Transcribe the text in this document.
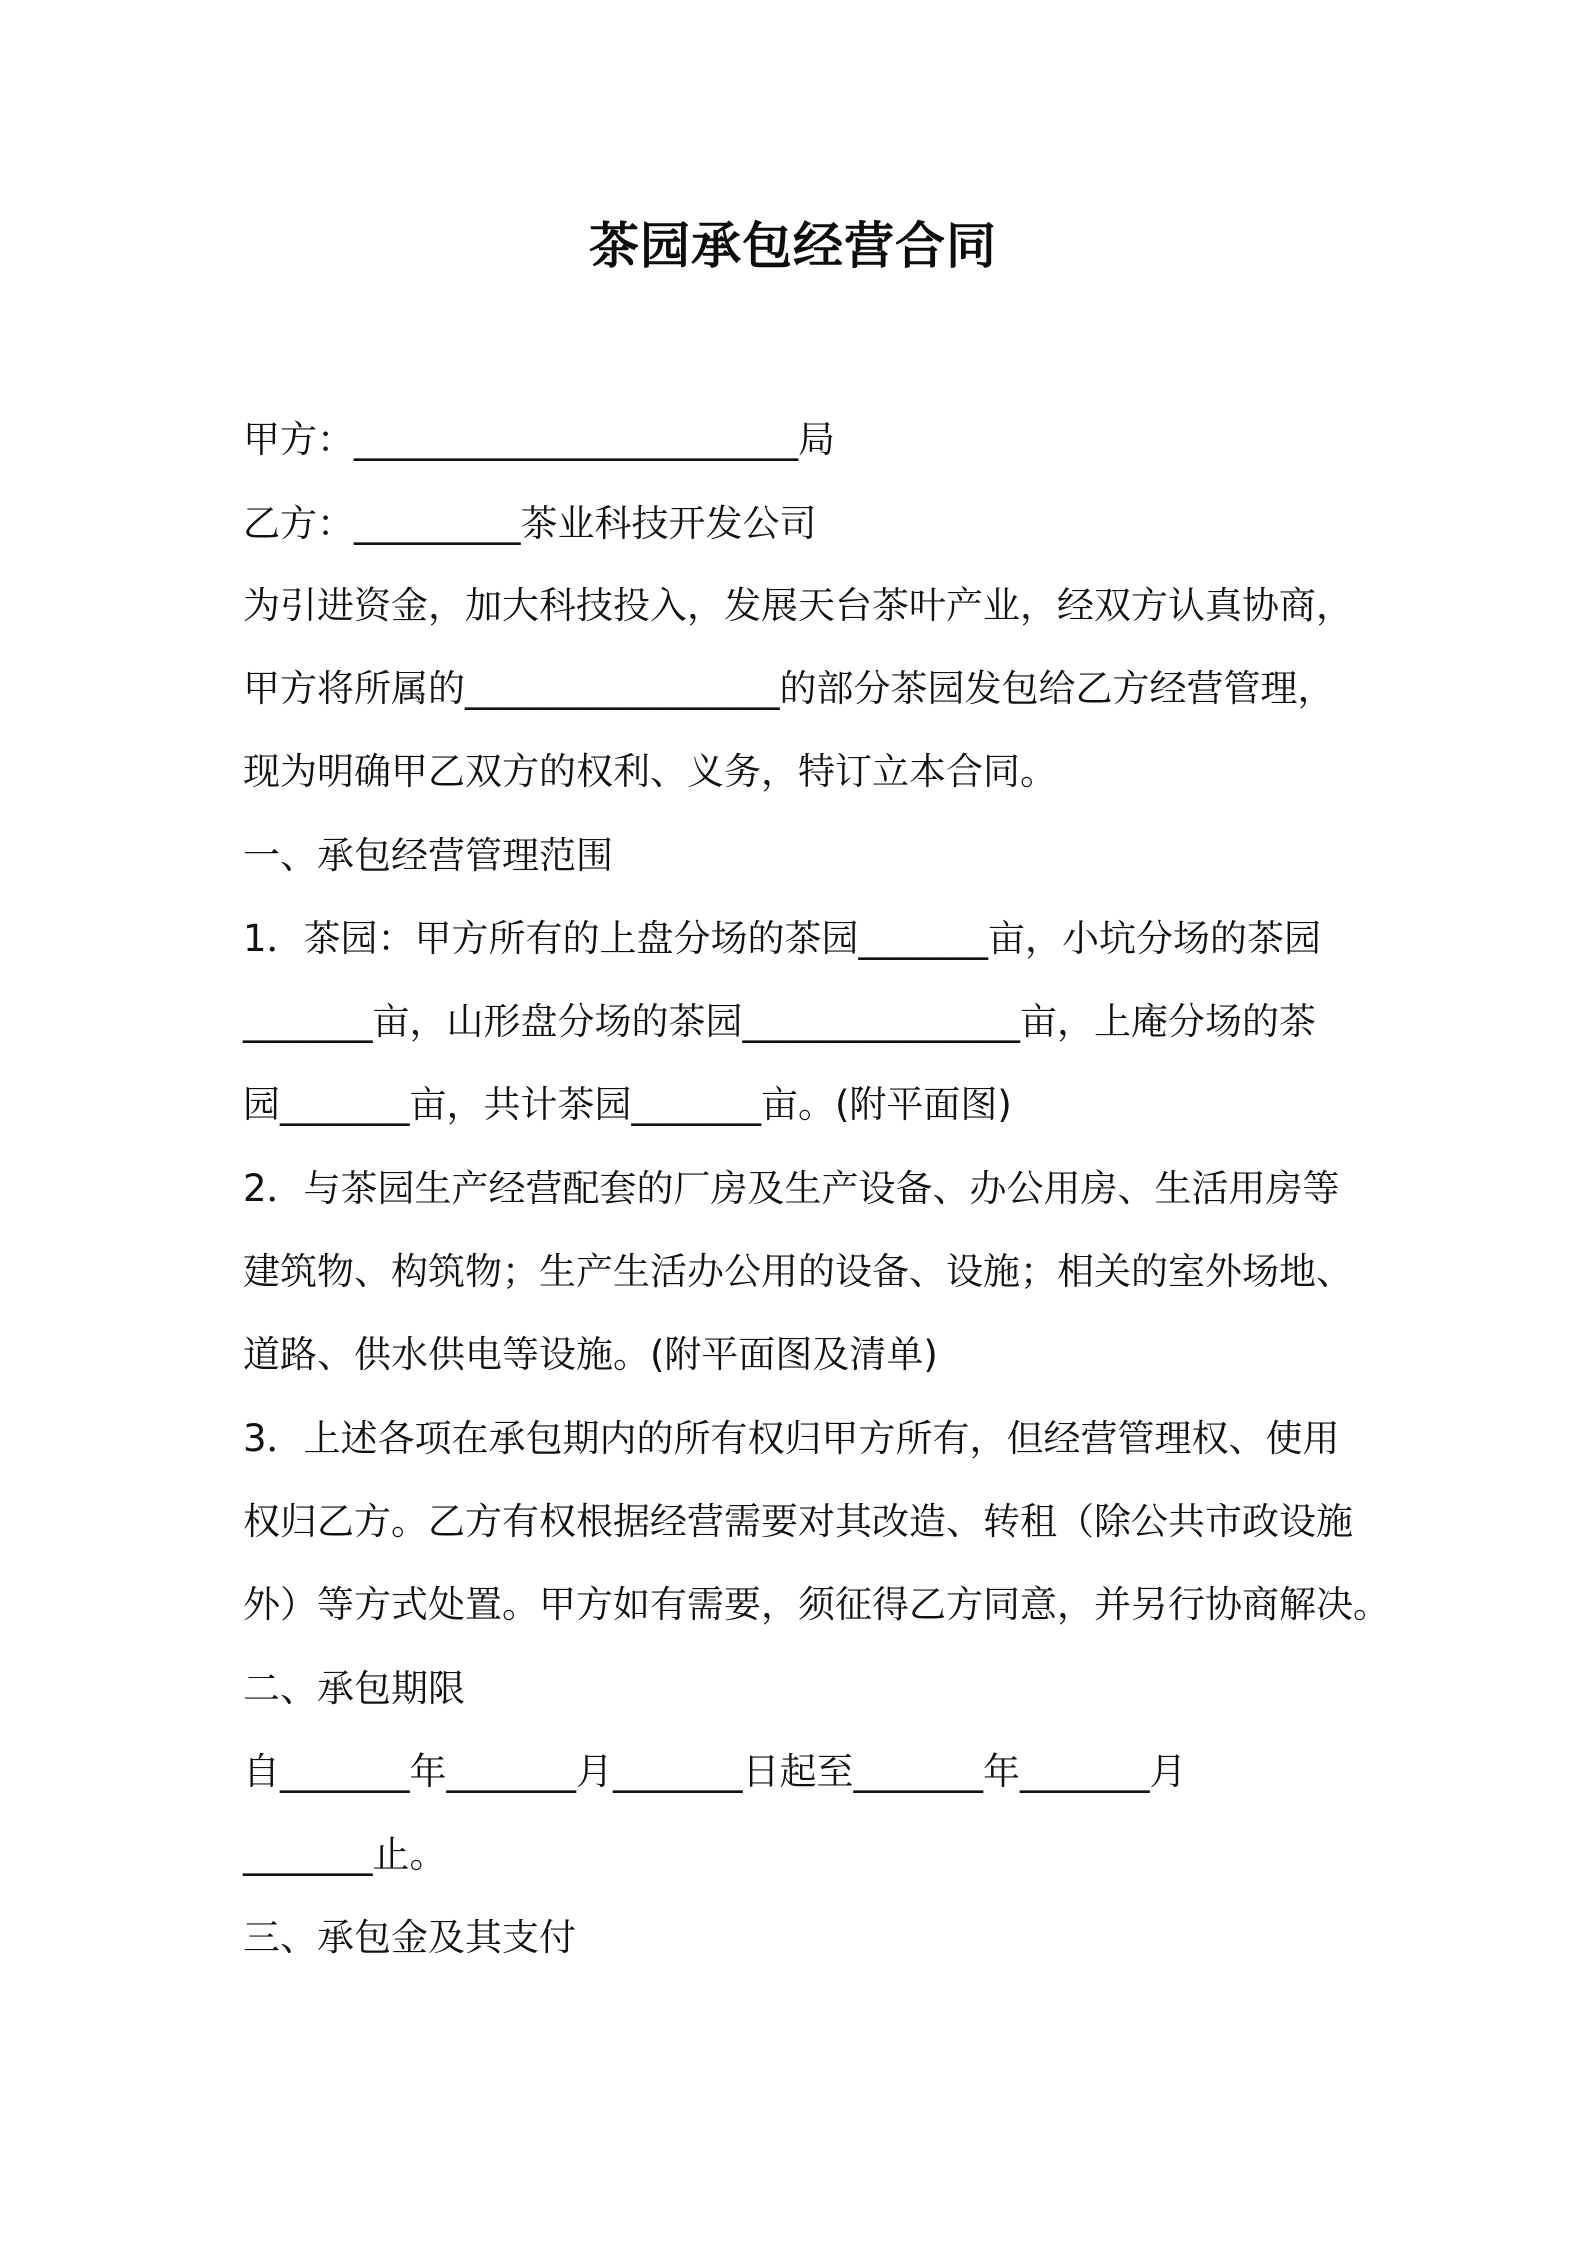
茶园承包经营合同
甲方：________________________局
乙方：_________茶业科技开发公司
为引进资金，加大科技投入，发展天台茶叶产业，经双方认真协商，
甲方将所属的_________________的部分茶园发包给乙方经营管理，
现为明确甲乙双方的权利、义务，特订立本合同。
一、承包经营管理范围
1．茶园：甲方所有的上盘分场的茶园_______亩，小坑分场的茶园
_______亩，山形盘分场的茶园_______________亩，上庵分场的茶
园_______亩，共计茶园_______亩。(附平面图)
2．与茶园生产经营配套的厂房及生产设备、办公用房、生活用房等
建筑物、构筑物；生产生活办公用的设备、设施；相关的室外场地、
道路、供水供电等设施。(附平面图及清单)
3．上述各项在承包期内的所有权归甲方所有，但经营管理权、使用
权归乙方。乙方有权根据经营需要对其改造、转租（除公共市政设施
外）等方式处置。甲方如有需要，须征得乙方同意，并另行协商解决。
二、承包期限
自_______年_______月_______日起至_______年_______月
_______止。
三、承包金及其支付
